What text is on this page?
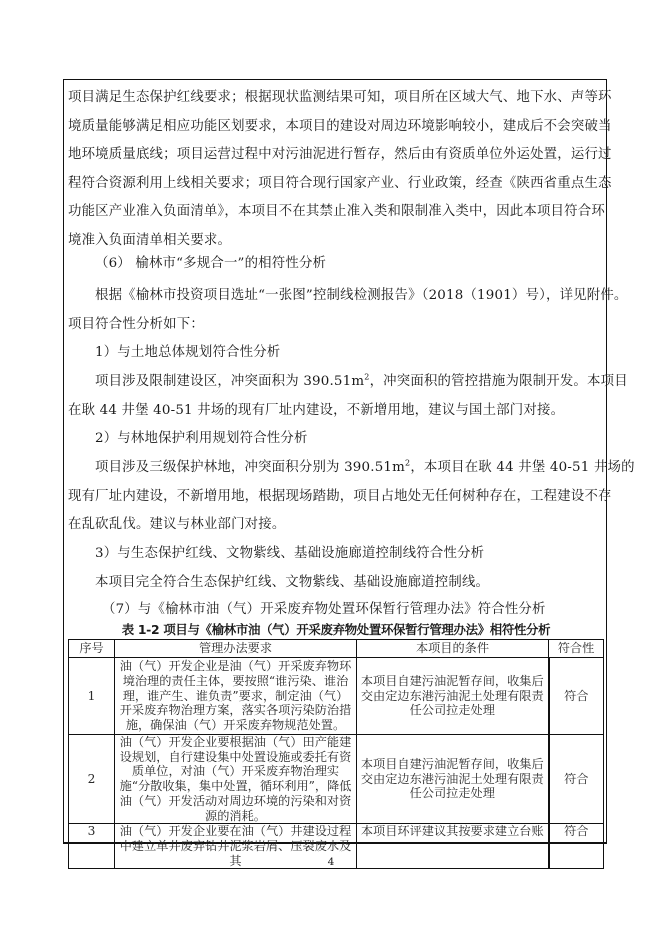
项目满足生态保护红线要求；根据现状监测结果可知，项目所在区域大气、地下水、声等环
境质量能够满足相应功能区划要求，本项目的建设对周边环境影响较小，建成后不会突破当
地环境质量底线；项目运营过程中对污油泥进行暂存，然后由有资质单位外运处置，运行过
程符合资源利用上线相关要求；项目符合现行国家产业、行业政策，经查《陕西省重点生态
功能区产业准入负面清单》，本项目不在其禁止准入类和限制准入类中，因此本项目符合环
境准入负面清单相关要求。
（6） 榆林市“多规合一”的相符性分析
根据《榆林市投资项目选址“一张图”控制线检测报告》（2018（1901）号），详见附件。
项目符合性分析如下：
1）与土地总体规划符合性分析
项目涉及限制建设区，冲突面积为 $390.51m^2$，冲突面积的管控措施为限制开发。本项目
在耿 44 井堡 40-51 井场的现有厂址内建设，不新增用地，建议与国土部门对接。
2）与林地保护利用规划符合性分析
项目涉及三级保护林地，冲突面积分别为 $390.51m^2$，本项目在耿 44 井堡 40-51 井场的
现有厂址内建设，不新增用地，根据现场踏勘，项目占地处无任何树种存在，工程建设不存
在乱砍乱伐。建议与林业部门对接。
3）与生态保护红线、文物紫线、基础设施廊道控制线符合性分析
本项目完全符合生态保护红线、文物紫线、基础设施廊道控制线。
（7）与《榆林市油（气）开采废弃物处置环保暂行管理办法》符合性分析
表 1-2 项目与《榆林市油（气）开采废弃物处置环保暂行管理办法》相符性分析
序号	管理办法要求	本项目的条件	符合性
1	油（气）开发企业是油（气）开采废弃物环境治理的责任主体，要按照“谁污染、谁治理，谁产生、谁负责”要求，制定油（气）开采废弃物治理方案，落实各项污染防治措施，确保油（气）开采废弃物规范处置。	本项目自建污油泥暂存间，收集后交由定边东港污油泥土处理有限责任公司拉走处理	符合
2	油（气）开发企业要根据油（气）田产能建设规划，自行建设集中处置设施或委托有资质单位，对油（气）开采废弃物治理实施“分散收集，集中处置，循环利用”，降低油（气）开发活动对周边环境的污染和对资源的消耗。	本项目自建污油泥暂存间，收集后交由定边东港污油泥土处理有限责任公司拉走处理	符合
3	油（气）开发企业要在油（气）井建设过程中建立单井废弃钻井泥浆岩屑、压裂废水及其	本项目环评建议其按要求建立台账	符合
4
